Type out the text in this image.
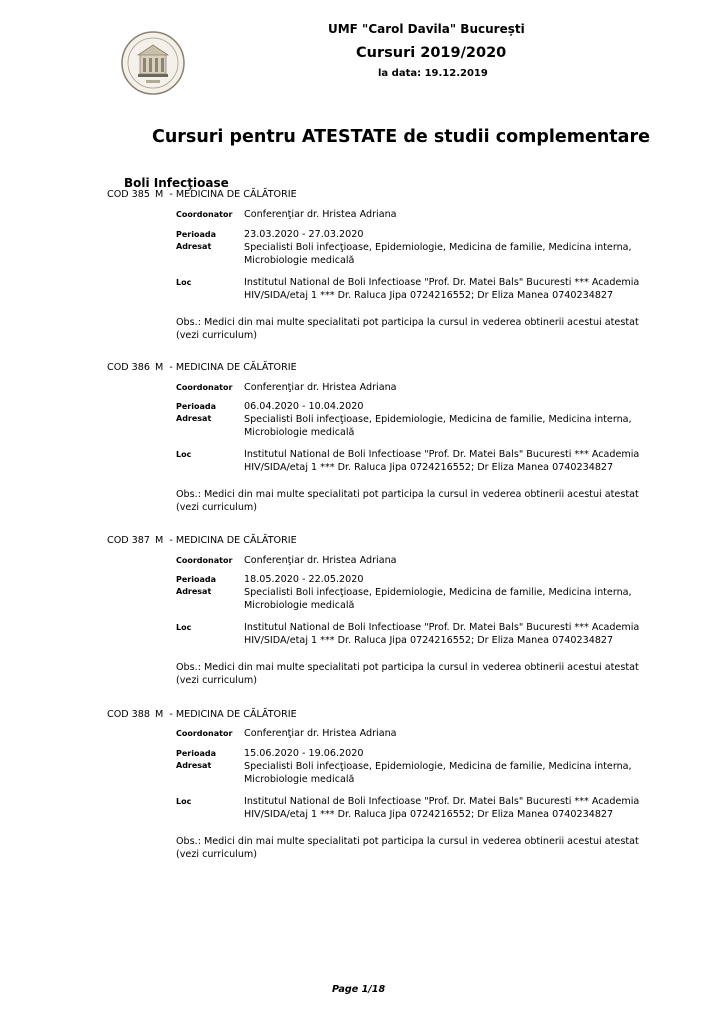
UMF "Carol Davila" București
Cursuri 2019/2020
la data: 19.12.2019
Cursuri pentru ATESTATE de studii complementare
Boli Infecţioase
COD 385 M - MEDICINA DE CĂLĂTORIE
Coordonator Conferenţiar dr. Hristea Adriana
Perioada	23.03.2020 - 27.03.2020
Adresat	Specialisti Boli infecţioase, Epidemiologie, Medicina de familie, Medicina interna, Microbiologie medicală
Loc	Institutul National de Boli Infectioase "Prof. Dr. Matei Bals" Bucuresti *** Academia HIV/SIDA/etaj 1 *** Dr. Raluca Jipa 0724216552; Dr Eliza Manea 0740234827
Obs.: Medici din mai multe specialitati pot participa la cursul in vederea obtinerii acestui atestat (vezi curriculum)
COD 386 M - MEDICINA DE CĂLĂTORIE
Coordonator Conferenţiar dr. Hristea Adriana
Perioada	06.04.2020 - 10.04.2020
Adresat	Specialisti Boli infecţioase, Epidemiologie, Medicina de familie, Medicina interna, Microbiologie medicală
Loc	Institutul National de Boli Infectioase "Prof. Dr. Matei Bals" Bucuresti *** Academia HIV/SIDA/etaj 1 *** Dr. Raluca Jipa 0724216552; Dr Eliza Manea 0740234827
Obs.: Medici din mai multe specialitati pot participa la cursul in vederea obtinerii acestui atestat (vezi curriculum)
COD 387 M - MEDICINA DE CĂLĂTORIE
Coordonator Conferenţiar dr. Hristea Adriana
Perioada	18.05.2020 - 22.05.2020
Adresat	Specialisti Boli infecţioase, Epidemiologie, Medicina de familie, Medicina interna, Microbiologie medicală
Loc	Institutul National de Boli Infectioase "Prof. Dr. Matei Bals" Bucuresti *** Academia HIV/SIDA/etaj 1 *** Dr. Raluca Jipa 0724216552; Dr Eliza Manea 0740234827
Obs.: Medici din mai multe specialitati pot participa la cursul in vederea obtinerii acestui atestat (vezi curriculum)
COD 388 M - MEDICINA DE CĂLĂTORIE
Coordonator Conferenţiar dr. Hristea Adriana
Perioada	15.06.2020 - 19.06.2020
Adresat	Specialisti Boli infecţioase, Epidemiologie, Medicina de familie, Medicina interna, Microbiologie medicală
Loc	Institutul National de Boli Infectioase "Prof. Dr. Matei Bals" Bucuresti *** Academia HIV/SIDA/etaj 1 *** Dr. Raluca Jipa 0724216552; Dr Eliza Manea 0740234827
Obs.: Medici din mai multe specialitati pot participa la cursul in vederea obtinerii acestui atestat (vezi curriculum)
Page 1/18
